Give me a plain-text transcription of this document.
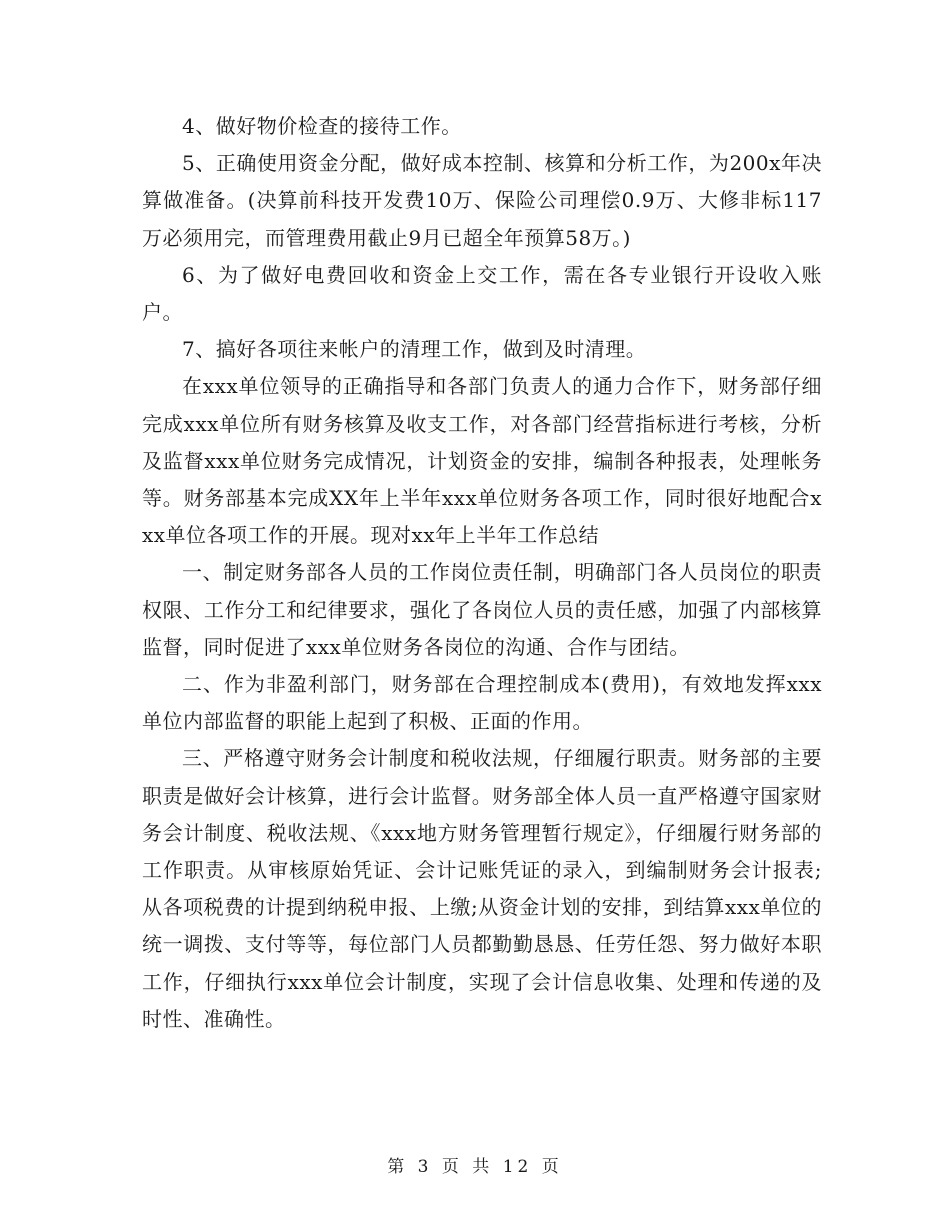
4、做好物价检查的接待工作。

5、正确使用资金分配，做好成本控制、核算和分析工作，为200x年决算做准备。(决算前科技开发费10万、保险公司理偿0.9万、大修非标117万必须用完，而管理费用截止9月已超全年预算58万。)

6、为了做好电费回收和资金上交工作，需在各专业银行开设收入账户。

7、搞好各项往来帐户的清理工作，做到及时清理。

在xxx单位领导的正确指导和各部门负责人的通力合作下，财务部仔细完成xxx单位所有财务核算及收支工作，对各部门经营指标进行考核，分析及监督xxx单位财务完成情况，计划资金的安排，编制各种报表，处理帐务等。财务部基本完成XX年上半年xxx单位财务各项工作，同时很好地配合xxx单位各项工作的开展。现对xx年上半年工作总结

一、制定财务部各人员的工作岗位责任制，明确部门各人员岗位的职责权限、工作分工和纪律要求，强化了各岗位人员的责任感，加强了内部核算监督，同时促进了xxx单位财务各岗位的沟通、合作与团结。

二、作为非盈利部门，财务部在合理控制成本(费用)，有效地发挥xxx单位内部监督的职能上起到了积极、正面的作用。

三、严格遵守财务会计制度和税收法规，仔细履行职责。财务部的主要职责是做好会计核算，进行会计监督。财务部全体人员一直严格遵守国家财务会计制度、税收法规、《xxx地方财务管理暂行规定》，仔细履行财务部的工作职责。从审核原始凭证、会计记账凭证的录入，到编制财务会计报表;从各项税费的计提到纳税申报、上缴;从资金计划的安排，到结算xxx单位的统一调拨、支付等等，每位部门人员都勤勤恳恳、任劳任怨、努力做好本职工作，仔细执行xxx单位会计制度，实现了会计信息收集、处理和传递的及时性、准确性。

第 3 页 共 12 页
